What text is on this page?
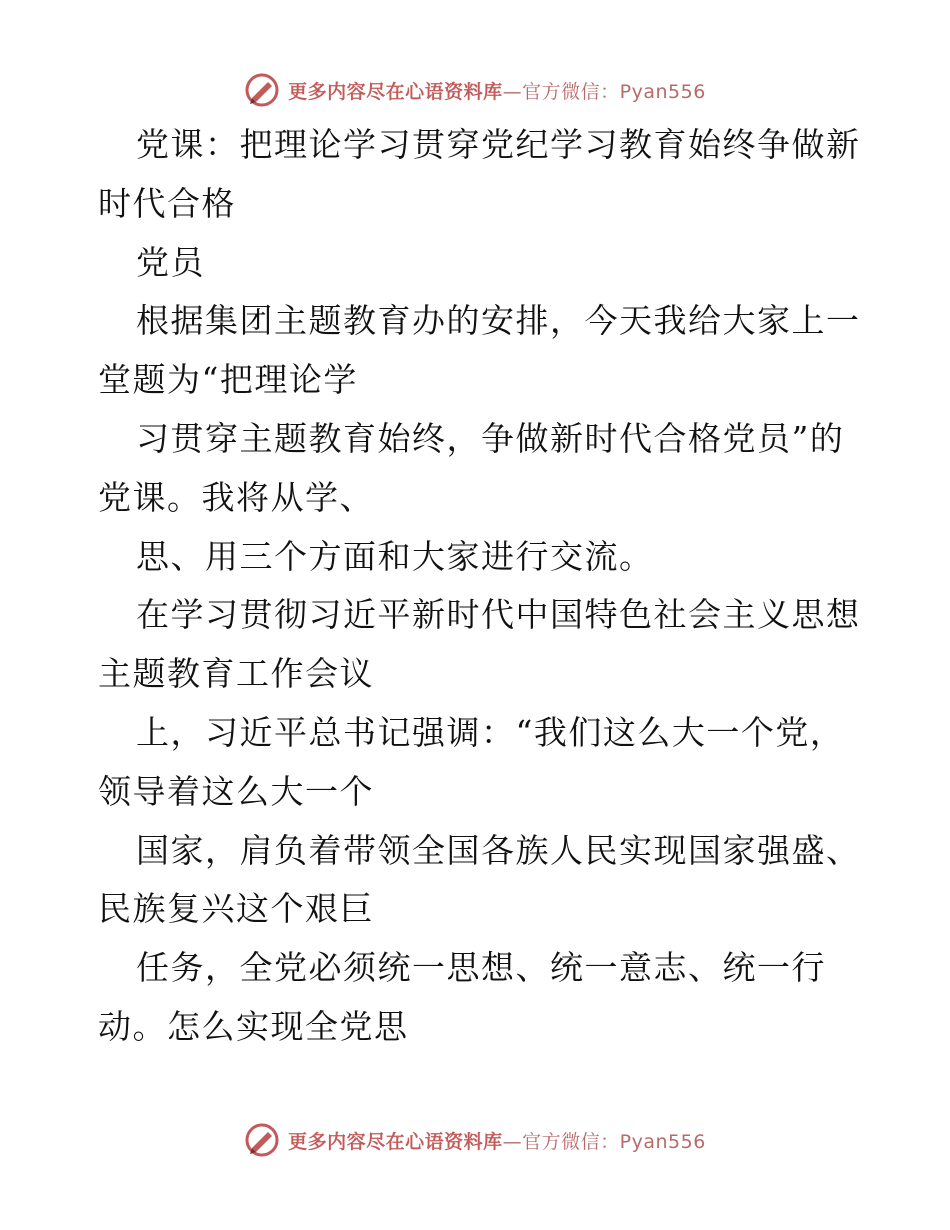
更多内容尽在心语资料库—官方微信：Pyan556
党课：把理论学习贯穿党纪学习教育始终争做新
时代合格
党员
根据集团主题教育办的安排，今天我给大家上一
堂题为“把理论学
习贯穿主题教育始终，争做新时代合格党员”的
党课。我将从学、
思、用三个方面和大家进行交流。
在学习贯彻习近平新时代中国特色社会主义思想
主题教育工作会议
上，习近平总书记强调：“我们这么大一个党，
领导着这么大一个
国家，肩负着带领全国各族人民实现国家强盛、
民族复兴这个艰巨
任务，全党必须统一思想、统一意志、统一行
动。怎么实现全党思
更多内容尽在心语资料库—官方微信：Pyan556
